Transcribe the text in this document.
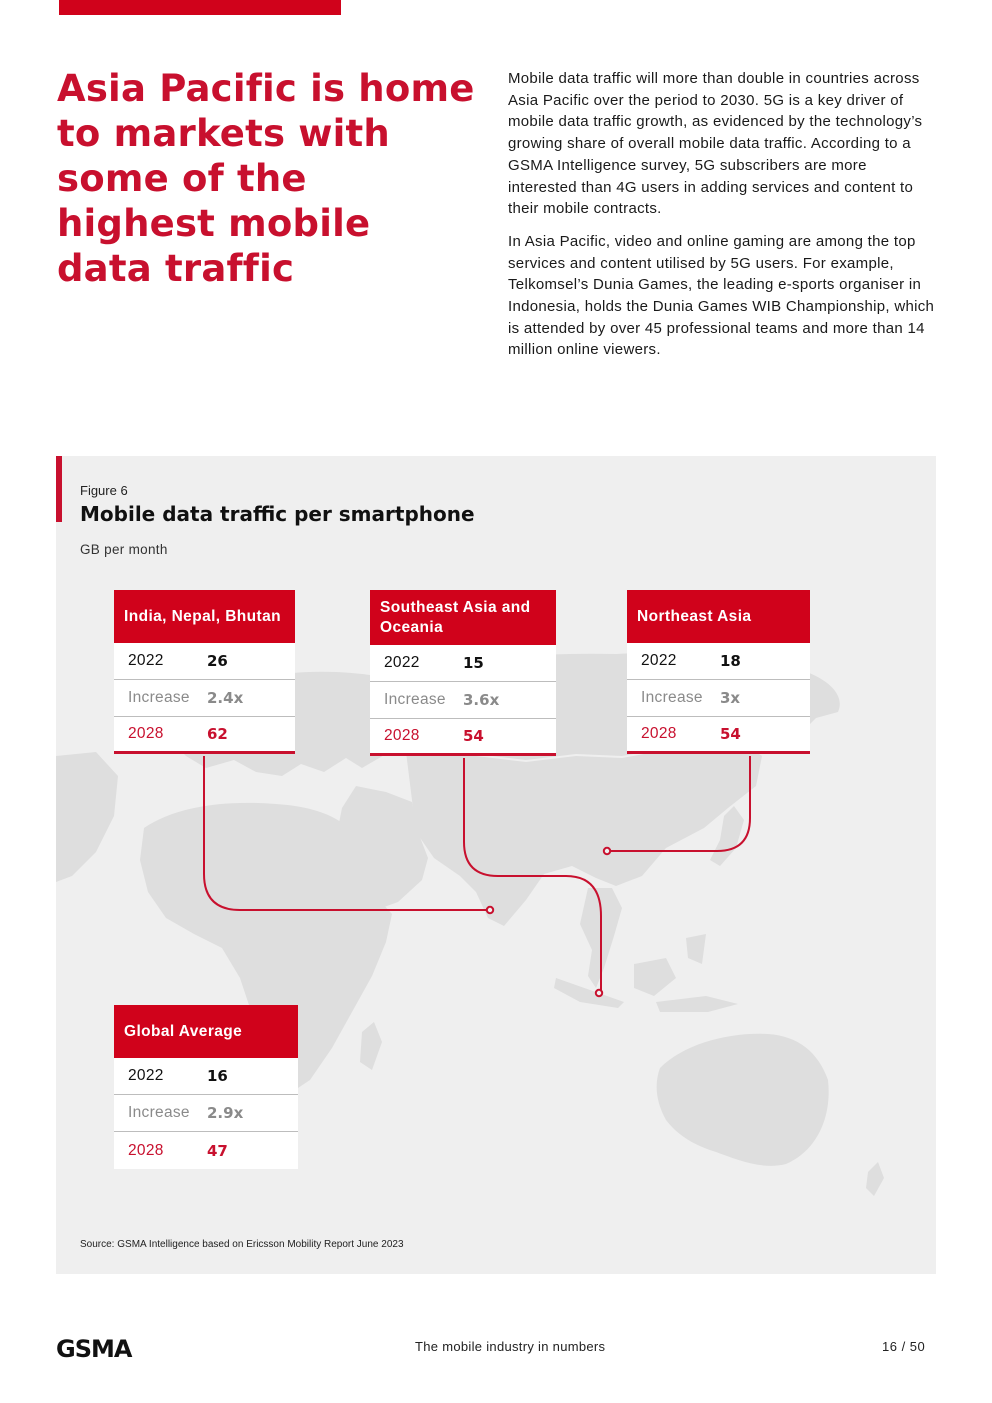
Asia Pacific is home to markets with some of the highest mobile data traffic

Mobile data traffic will more than double in countries across Asia Pacific over the period to 2030. 5G is a key driver of mobile data traffic growth, as evidenced by the technology’s growing share of overall mobile data traffic. According to a GSMA Intelligence survey, 5G subscribers are more interested than 4G users in adding services and content to their mobile contracts.

In Asia Pacific, video and online gaming are among the top services and content utilised by 5G users. For example, Telkomsel’s Dunia Games, the leading e-sports organiser in Indonesia, holds the Dunia Games WIB Championship, which is attended by over 45 professional teams and more than 14 million online viewers.

Figure 6
Mobile data traffic per smartphone
GB per month
India, Nepal, Bhutan
2022	26
Increase	2.4x
2028	62
Southeast Asia and Oceania
2022	15
Increase	3.6x
2028	54
Northeast Asia
2022	18
Increase	3x
2028	54
Global Average
2022	16
Increase	2.9x
2028	47
Source: GSMA Intelligence based on Ericsson Mobility Report June 2023
GSMA	The mobile industry in numbers	16 / 50
